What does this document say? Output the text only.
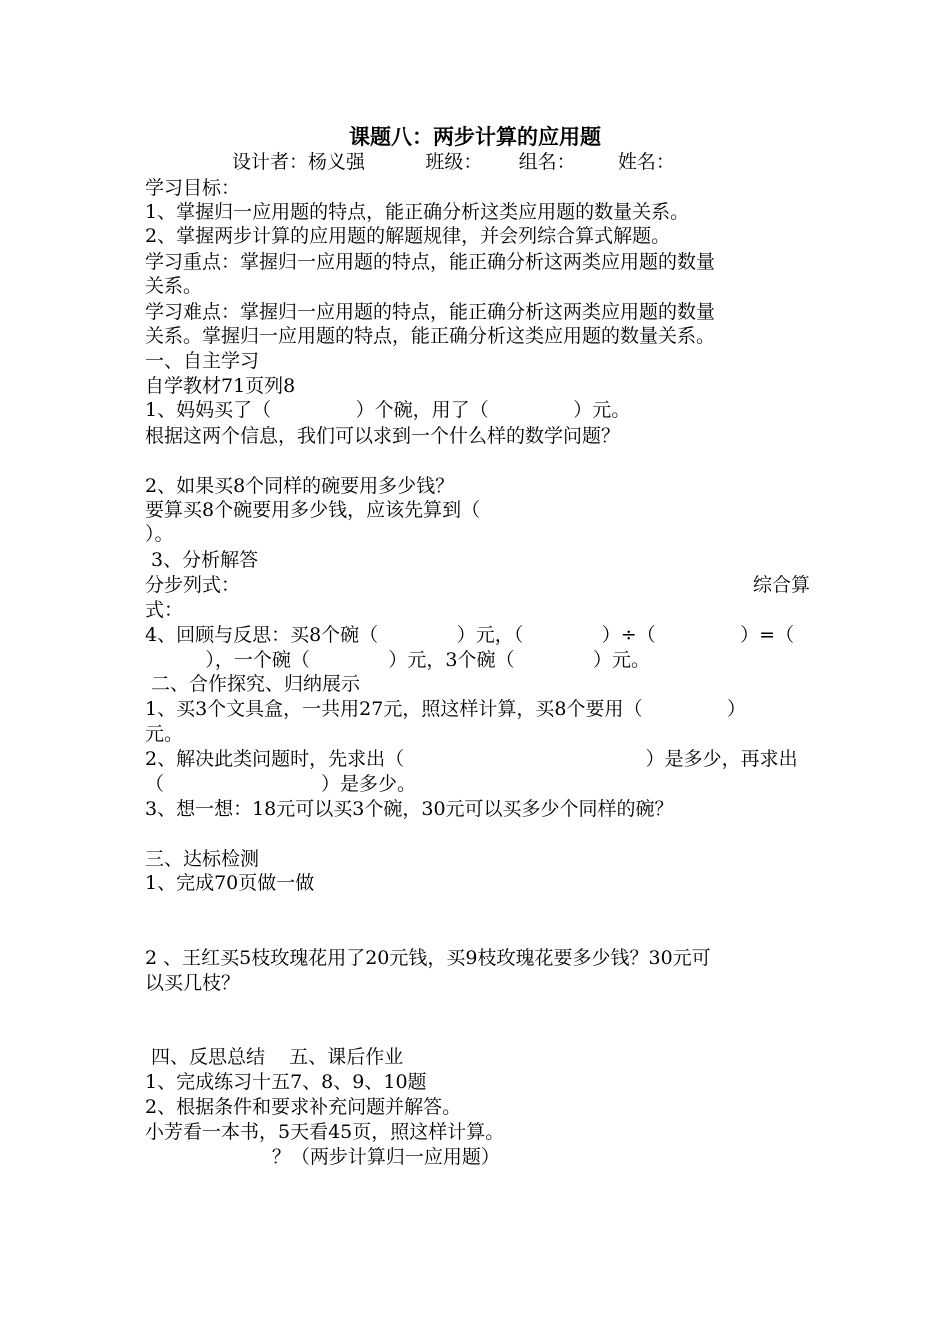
课题八：两步计算的应用题
设计者：杨义强          班级：      组名：       姓名：
学习目标：
1、掌握归一应用题的特点，能正确分析这类应用题的数量关系。
2、掌握两步计算的应用题的解题规律，并会列综合算式解题。
学习重点：掌握归一应用题的特点，能正确分析这两类应用题的数量
关系。
学习难点：掌握归一应用题的特点，能正确分析这两类应用题的数量
关系。掌握归一应用题的特点，能正确分析这类应用题的数量关系。
一、自主学习
自学教材71页列8
1、妈妈买了（              ）个碗，用了（              ）元。
根据这两个信息，我们可以求到一个什么样的数学问题？
2、如果买8个同样的碗要用多少钱？
要算买8个碗要用多少钱，应该先算到（
）。
3、分析解答
分步列式：	综合算
式：
4、回顾与反思：买8个碗（             ）元，（             ）÷（              ）=（
），一个碗（             ）元，3个碗（             ）元。
二、合作探究、归纳展示
1、买3个文具盒，一共用27元，照这样计算，买8个要用（              ）
元。
2、解决此类问题时，先求出（                                        ）是多少，再求出
（                          ）是多少。
3、想一想：18元可以买3个碗，30元可以买多少个同样的碗？
三、达标检测
1、完成70页做一做
2 、王红买5枝玫瑰花用了20元钱，买9枝玫瑰花要多少钱？30元可
以买几枝？
四、反思总结    五、课后作业
1、完成练习十五7、8、9、10题
2、根据条件和要求补充问题并解答。
小芳看一本书，5天看45页，照这样计算。
？（两步计算归一应用题）
